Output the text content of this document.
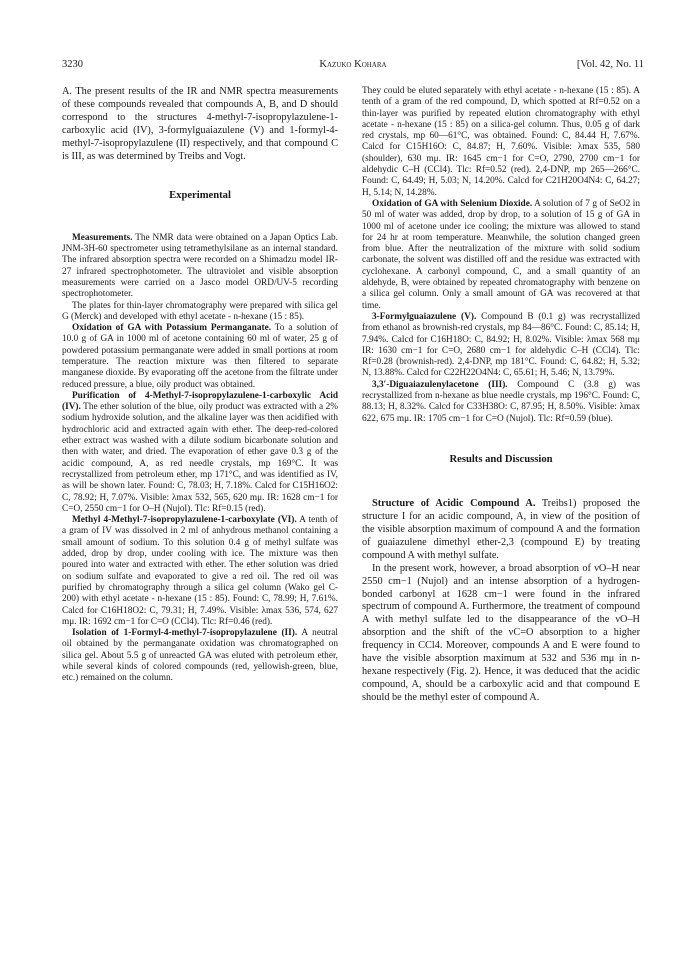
3230	Kazuko Kohara	[Vol. 42, No. 11

A. The present results of the IR and NMR spectra measurements of these compounds revealed that compounds A, B, and D should correspond to the structures 4-methyl-7-isopropylazulene-1-carboxylic acid (IV), 3-formylguaiazulene (V) and 1-formyl-4-methyl-7-isopropylazulene (II) respectively, and that compound C is III, as was determined by Treibs and Vogt.

Experimental

Measurements. The NMR data were obtained on a Japan Optics Lab. JNM-3H-60 spectrometer using tetramethylsilane as an internal standard. The infrared absorption spectra were recorded on a Shimadzu model IR-27 infrared spectrophotometer. The ultraviolet and visible absorption measurements were carried on a Jasco model ORD/UV-5 recording spectrophotometer.

The plates for thin-layer chromatography were prepared with silica gel G (Merck) and developed with ethyl acetate - n-hexane (15 : 85).

Oxidation of GA with Potassium Permanganate. To a solution of 10.0 g of GA in 1000 ml of acetone containing 60 ml of water, 25 g of powdered potassium permanganate were added in small portions at room temperature. The reaction mixture was then filtered to separate manganese dioxide. By evaporating off the acetone from the filtrate under reduced pressure, a blue, oily product was obtained.

Purification of 4-Methyl-7-isopropylazulene-1-carboxylic Acid (IV). The ether solution of the blue, oily product was extracted with a 2% sodium hydroxide solution, and the alkaline layer was then acidified with hydrochloric acid and extracted again with ether. The deep-red-colored ether extract was washed with a dilute sodium bicarbonate solution and then with water, and dried. The evaporation of ether gave 0.3 g of the acidic compound, A, as red needle crystals, mp 169°C. It was recrystallized from petroleum ether, mp 171°C, and was identified as IV, as will be shown later. Found: C, 78.03; H, 7.18%. Calcd for C15H16O2: C, 78.92; H, 7.07%. Visible: λmax 532, 565, 620 mμ. IR: 1628 cm−1 for C=O, 2550 cm−1 for O–H (Nujol). Tlc: Rf=0.15 (red).

Methyl 4-Methyl-7-isopropylazulene-1-carboxylate (VI). A tenth of a gram of IV was dissolved in 2 ml of anhydrous methanol containing a small amount of sodium. To this solution 0.4 g of methyl sulfate was added, drop by drop, under cooling with ice. The mixture was then poured into water and extracted with ether. The ether solution was dried on sodium sulfate and evaporated to give a red oil. The red oil was purified by chromatography through a silica gel column (Wako gel C-200) with ethyl acetate - n-hexane (15 : 85). Found: C, 78.99; H, 7.61%. Calcd for C16H18O2: C, 79.31; H, 7.49%. Visible: λmax 536, 574, 627 mμ. IR: 1692 cm−1 for C=O (CCl4). Tlc: Rf=0.46 (red).

Isolation of 1-Formyl-4-methyl-7-isopropylazulene (II). A neutral oil obtained by the permanganate oxidation was chromatographed on silica gel. About 5.5 g of unreacted GA was eluted with petroleum ether, while several kinds of colored compounds (red, yellowish-green, blue, etc.) remained on the column.

They could be eluted separately with ethyl acetate - n-hexane (15 : 85). A tenth of a gram of the red compound, D, which spotted at Rf=0.52 on a thin-layer was purified by repeated elution chromatography with ethyl acetate - n-hexane (15 : 85) on a silica-gel column. Thus, 0.05 g of dark red crystals, mp 60—61°C, was obtained. Found: C, 84.44 H, 7.67%. Calcd for C15H16O: C, 84.87; H, 7.60%. Visible: λmax 535, 580 (shoulder), 630 mμ. IR: 1645 cm−1 for C=O, 2790, 2700 cm−1 for aldehydic C–H (CCl4). Tlc: Rf=0.52 (red). 2,4-DNP, mp 265—266°C. Found: C, 64.49; H, 5.03; N, 14.20%. Calcd for C21H20O4N4: C, 64.27; H, 5.14; N, 14.28%.

Oxidation of GA with Selenium Dioxide. A solution of 7 g of SeO2 in 50 ml of water was added, drop by drop, to a solution of 15 g of GA in 1000 ml of acetone under ice cooling; the mixture was allowed to stand for 24 hr at room temperature. Meanwhile, the solution changed green from blue. After the neutralization of the mixture with solid sodium carbonate, the solvent was distilled off and the residue was extracted with cyclohexane. A carbonyl compound, C, and a small quantity of an aldehyde, B, were obtained by repeated chromatography with benzene on a silica gel column. Only a small amount of GA was recovered at that time.

3-Formylguaiazulene (V). Compound B (0.1 g) was recrystallized from ethanol as brownish-red crystals, mp 84—86°C. Found: C, 85.14; H, 7.94%. Calcd for C16H18O: C, 84.92; H, 8.02%. Visible: λmax 568 mμ IR: 1630 cm−1 for C=O, 2680 cm−1 for aldehydic C–H (CCl4). Tlc: Rf=0.28 (brownish-red). 2,4-DNP, mp 181°C. Found: C, 64.82; H, 5.32; N, 13.88%. Calcd for C22H22O4N4: C, 65.61; H, 5.46; N, 13.79%.

3,3′-Diguaiazulenylacetone (III). Compound C (3.8 g) was recrystallized from n-hexane as blue needle crystals, mp 196°C. Found: C, 88.13; H, 8.32%. Calcd for C33H38O: C, 87.95; H, 8.50%. Visible: λmax 622, 675 mμ. IR: 1705 cm−1 for C=O (Nujol). Tlc: Rf=0.59 (blue).

Results and Discussion

Structure of Acidic Compound A. Treibs1) proposed the structure I for an acidic compound, A, in view of the position of the visible absorption maximum of compound A and the formation of guaiazulene dimethyl ether-2,3 (compound E) by treating compound A with methyl sulfate.

In the present work, however, a broad absorption of νO–H near 2550 cm−1 (Nujol) and an intense absorption of a hydrogen-bonded carbonyl at 1628 cm−1 were found in the infrared spectrum of compound A. Furthermore, the treatment of compound A with methyl sulfate led to the disappearance of the νO–H absorption and the shift of the νC=O absorption to a higher frequency in CCl4. Moreover, compounds A and E were found to have the visible absorption maximum at 532 and 536 mμ in n-hexane respectively (Fig. 2). Hence, it was deduced that the acidic compound, A, should be a carboxylic acid and that compound E should be the methyl ester of compound A.
